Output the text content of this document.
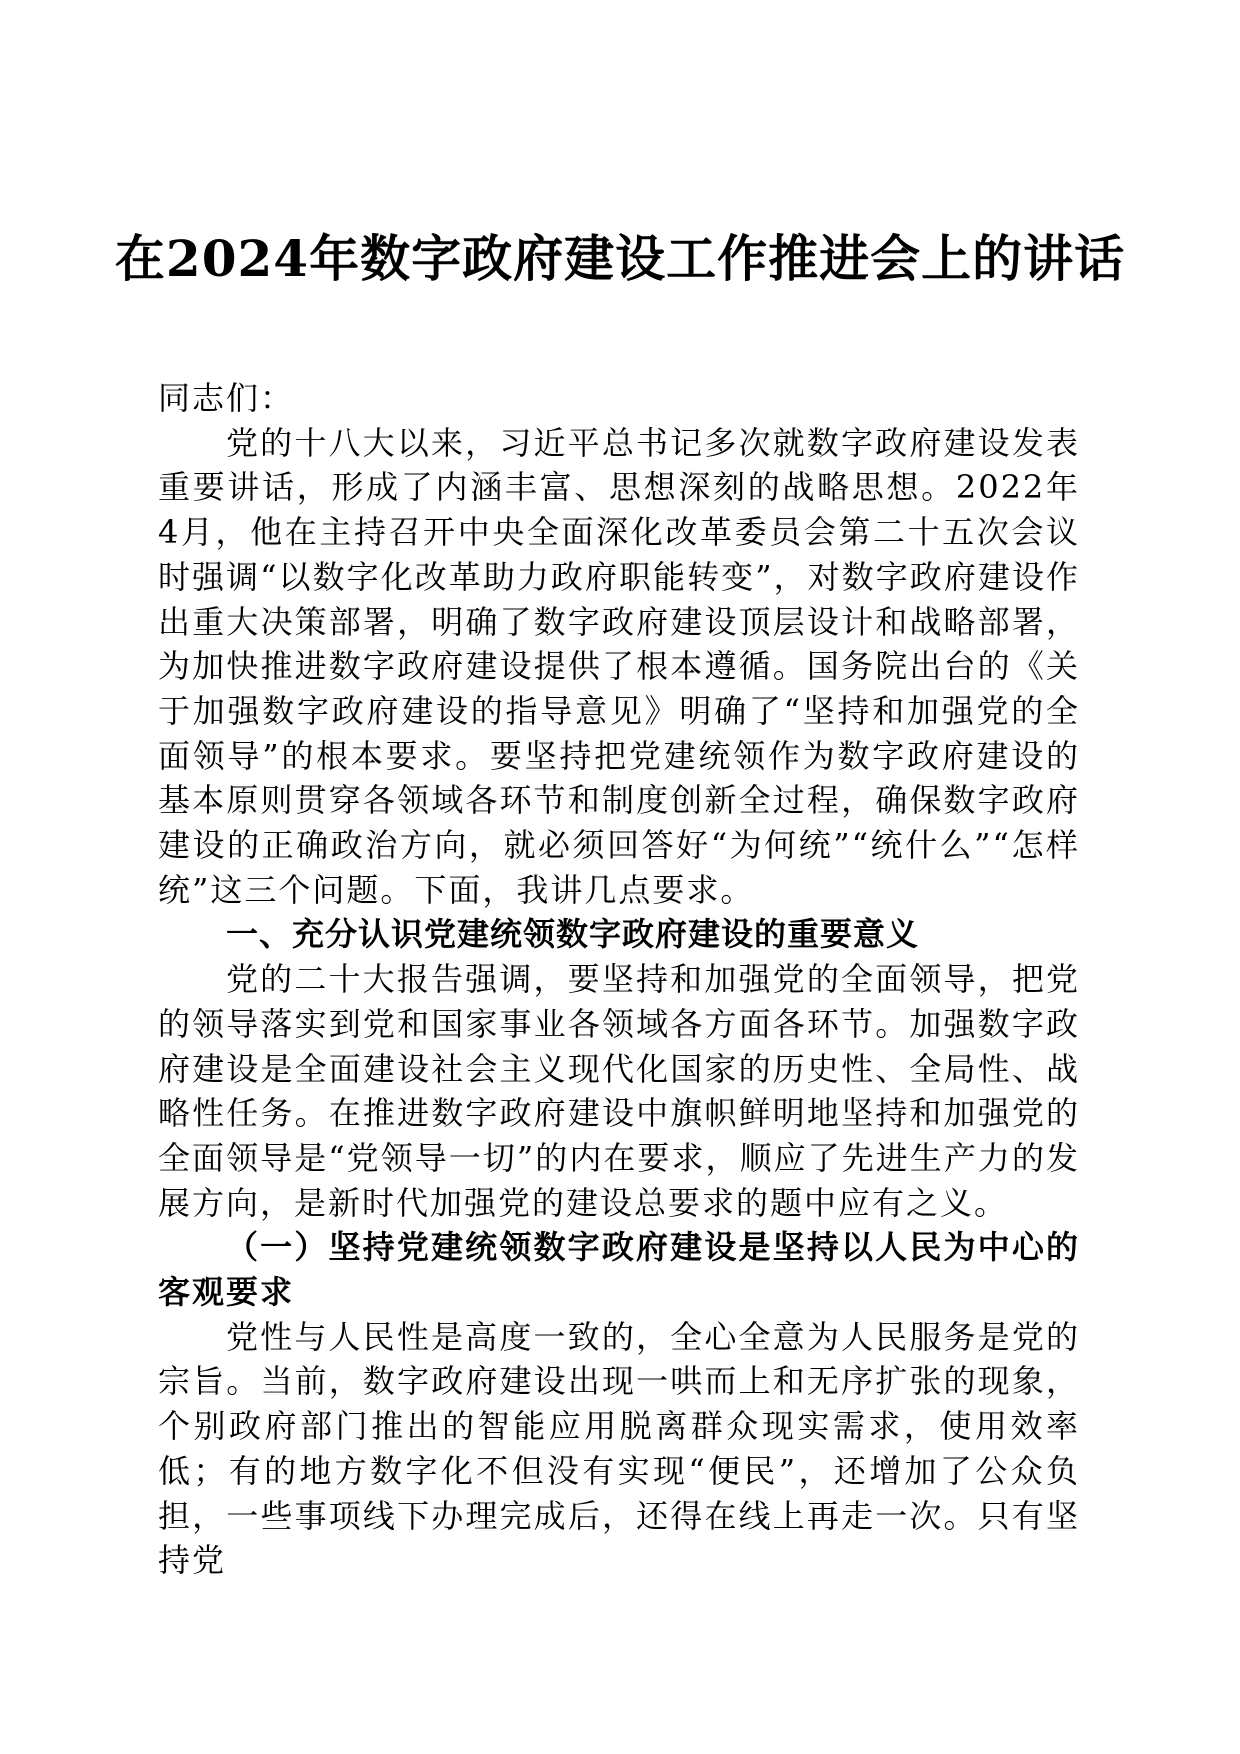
在2024年数字政府建设工作推进会上的讲话

同志们：

党的十八大以来，习近平总书记多次就数字政府建设发表重要讲话，形成了内涵丰富、思想深刻的战略思想。2022年4月，他在主持召开中央全面深化改革委员会第二十五次会议时强调“以数字化改革助力政府职能转变”，对数字政府建设作出重大决策部署，明确了数字政府建设顶层设计和战略部署，为加快推进数字政府建设提供了根本遵循。国务院出台的《关于加强数字政府建设的指导意见》明确了“坚持和加强党的全面领导”的根本要求。要坚持把党建统领作为数字政府建设的基本原则贯穿各领域各环节和制度创新全过程，确保数字政府建设的正确政治方向，就必须回答好“为何统”“统什么”“怎样统”这三个问题。下面，我讲几点要求。

一、充分认识党建统领数字政府建设的重要意义

党的二十大报告强调，要坚持和加强党的全面领导，把党的领导落实到党和国家事业各领域各方面各环节。加强数字政府建设是全面建设社会主义现代化国家的历史性、全局性、战略性任务。在推进数字政府建设中旗帜鲜明地坚持和加强党的全面领导是“党领导一切”的内在要求，顺应了先进生产力的发展方向，是新时代加强党的建设总要求的题中应有之义。

（一）坚持党建统领数字政府建设是坚持以人民为中心的客观要求

党性与人民性是高度一致的，全心全意为人民服务是党的宗旨。当前，数字政府建设出现一哄而上和无序扩张的现象，个别政府部门推出的智能应用脱离群众现实需求，使用效率低；有的地方数字化不但没有实现“便民”，还增加了公众负担，一些事项线下办理完成后，还得在线上再走一次。只有坚持党
